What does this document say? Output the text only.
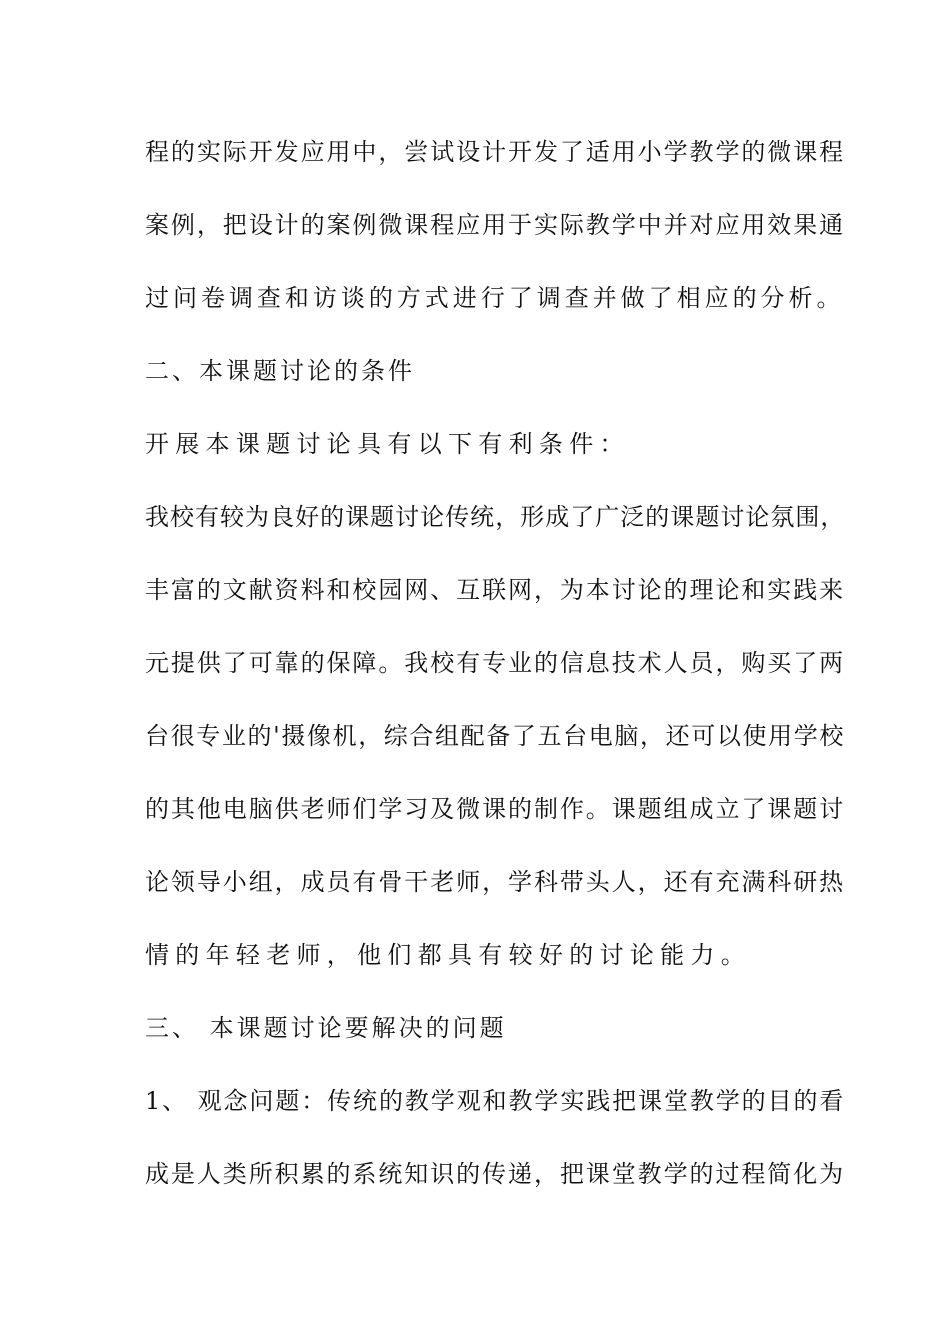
程的实际开发应用中，尝试设计开发了适用小学教学的微课程
案例，把设计的案例微课程应用于实际教学中并对应用效果通
过问卷调查和访谈的方式进行了调查并做了相应的分析。
二、本课题讨论的条件
开展本课题讨论具有以下有利条件：
我校有较为良好的课题讨论传统，形成了广泛的课题讨论氛围，
丰富的文献资料和校园网、互联网，为本讨论的理论和实践来
元提供了可靠的保障。我校有专业的信息技术人员，购买了两
台很专业的'摄像机，综合组配备了五台电脑，还可以使用学校
的其他电脑供老师们学习及微课的制作。课题组成立了课题讨
论领导小组，成员有骨干老师，学科带头人，还有充满科研热
情的年轻老师，他们都具有较好的讨论能力。
三、 本课题讨论要解决的问题
1、 观念问题：传统的教学观和教学实践把课堂教学的目的看
成是人类所积累的系统知识的传递，把课堂教学的过程简化为
